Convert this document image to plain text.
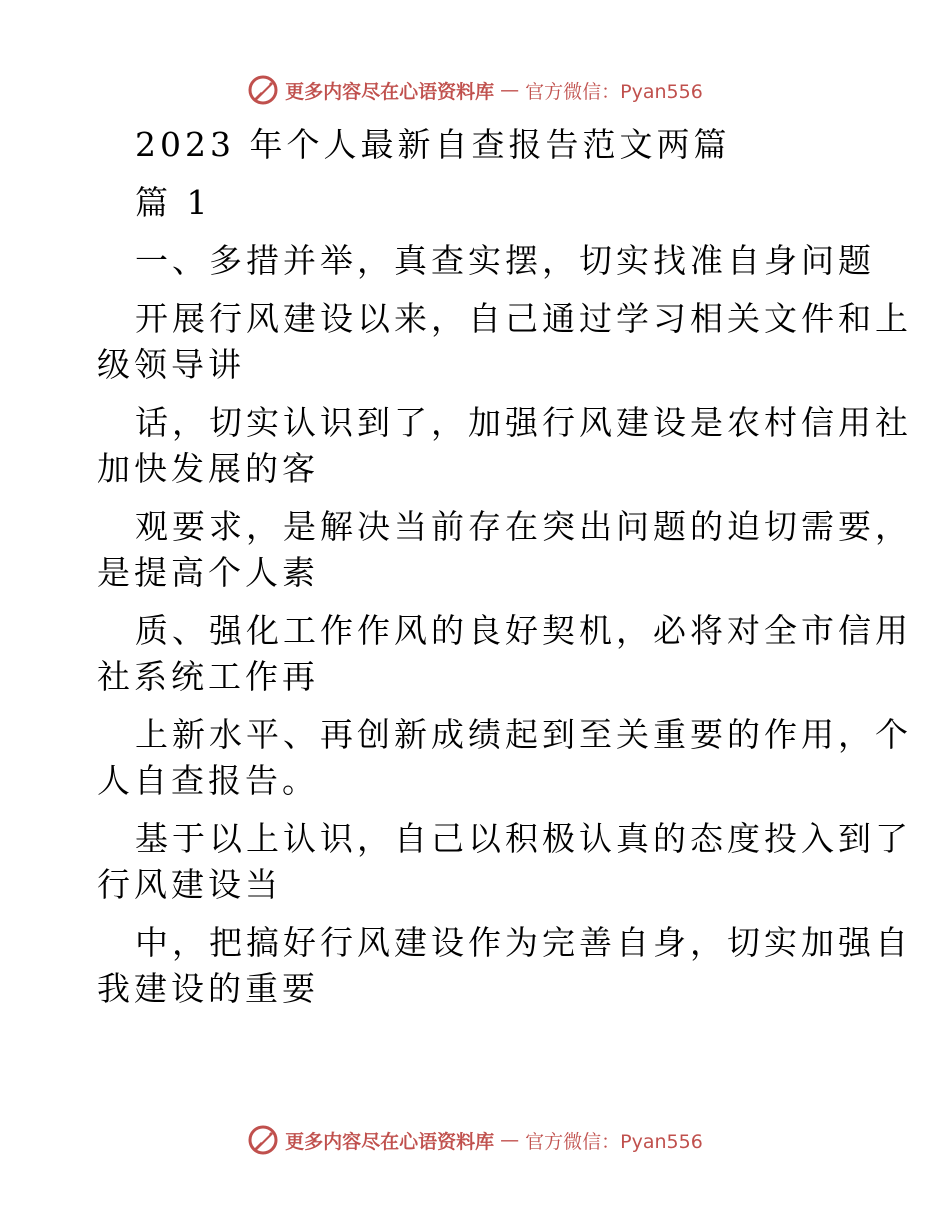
更多内容尽在心语资料库 — 官方微信：Pyan556
2023 年个人最新自查报告范文两篇
篇 1
一、多措并举，真查实摆，切实找准自身问题
开展行风建设以来，自己通过学习相关文件和上
级领导讲
话，切实认识到了，加强行风建设是农村信用社
加快发展的客
观要求，是解决当前存在突出问题的迫切需要，
是提高个人素
质、强化工作作风的良好契机，必将对全市信用
社系统工作再
上新水平、再创新成绩起到至关重要的作用，个
人自查报告。
基于以上认识，自己以积极认真的态度投入到了
行风建设当
中，把搞好行风建设作为完善自身，切实加强自
我建设的重要
更多内容尽在心语资料库 — 官方微信：Pyan556
